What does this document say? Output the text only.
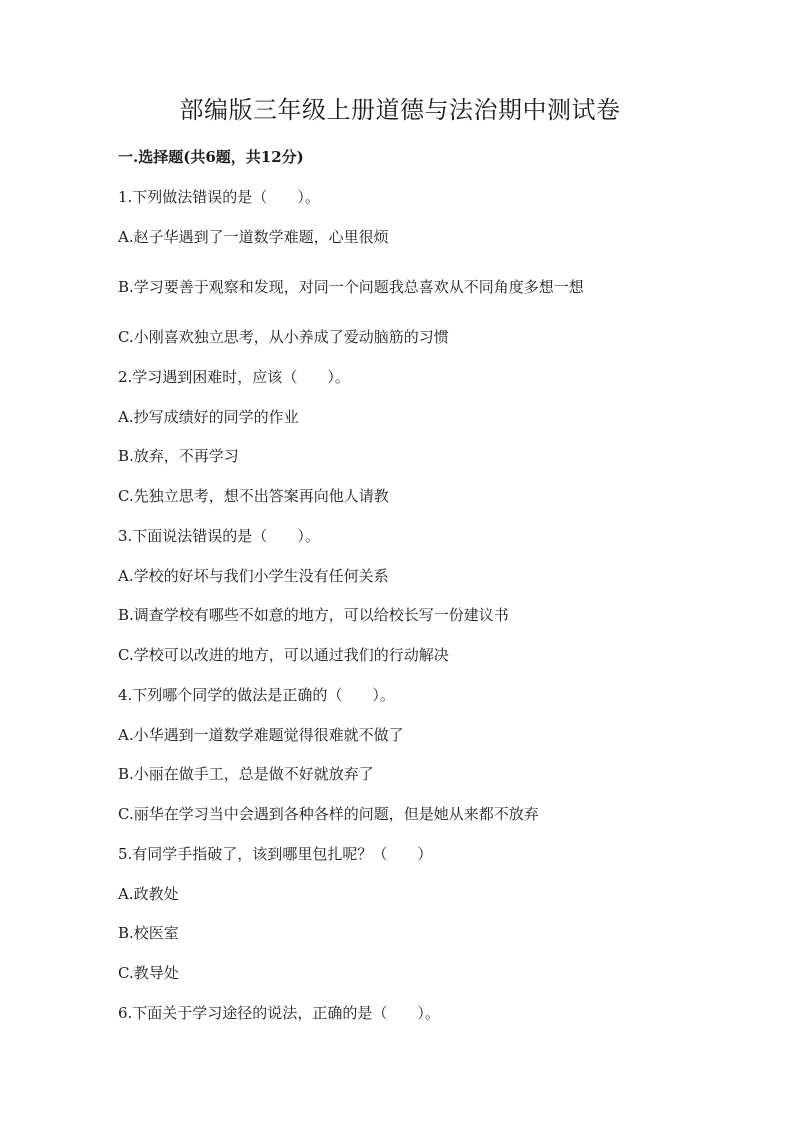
部编版三年级上册道德与法治期中测试卷
一.选择题(共6题，共12分)
1.下列做法错误的是（　　）。
A.赵子华遇到了一道数学难题，心里很烦
B.学习要善于观察和发现，对同一个问题我总喜欢从不同角度多想一想
C.小刚喜欢独立思考，从小养成了爱动脑筋的习惯
2.学习遇到困难时，应该（　　）。
A.抄写成绩好的同学的作业
B.放弃，不再学习
C.先独立思考，想不出答案再向他人请教
3.下面说法错误的是（　　）。
A.学校的好坏与我们小学生没有任何关系
B.调查学校有哪些不如意的地方，可以给校长写一份建议书
C.学校可以改进的地方，可以通过我们的行动解决
4.下列哪个同学的做法是正确的（　　）。
A.小华遇到一道数学难题觉得很难就不做了
B.小丽在做手工，总是做不好就放弃了
C.丽华在学习当中会遇到各种各样的问题，但是她从来都不放弃
5.有同学手指破了，该到哪里包扎呢？（　　）
A.政教处
B.校医室
C.教导处
6.下面关于学习途径的说法，正确的是（　　）。
